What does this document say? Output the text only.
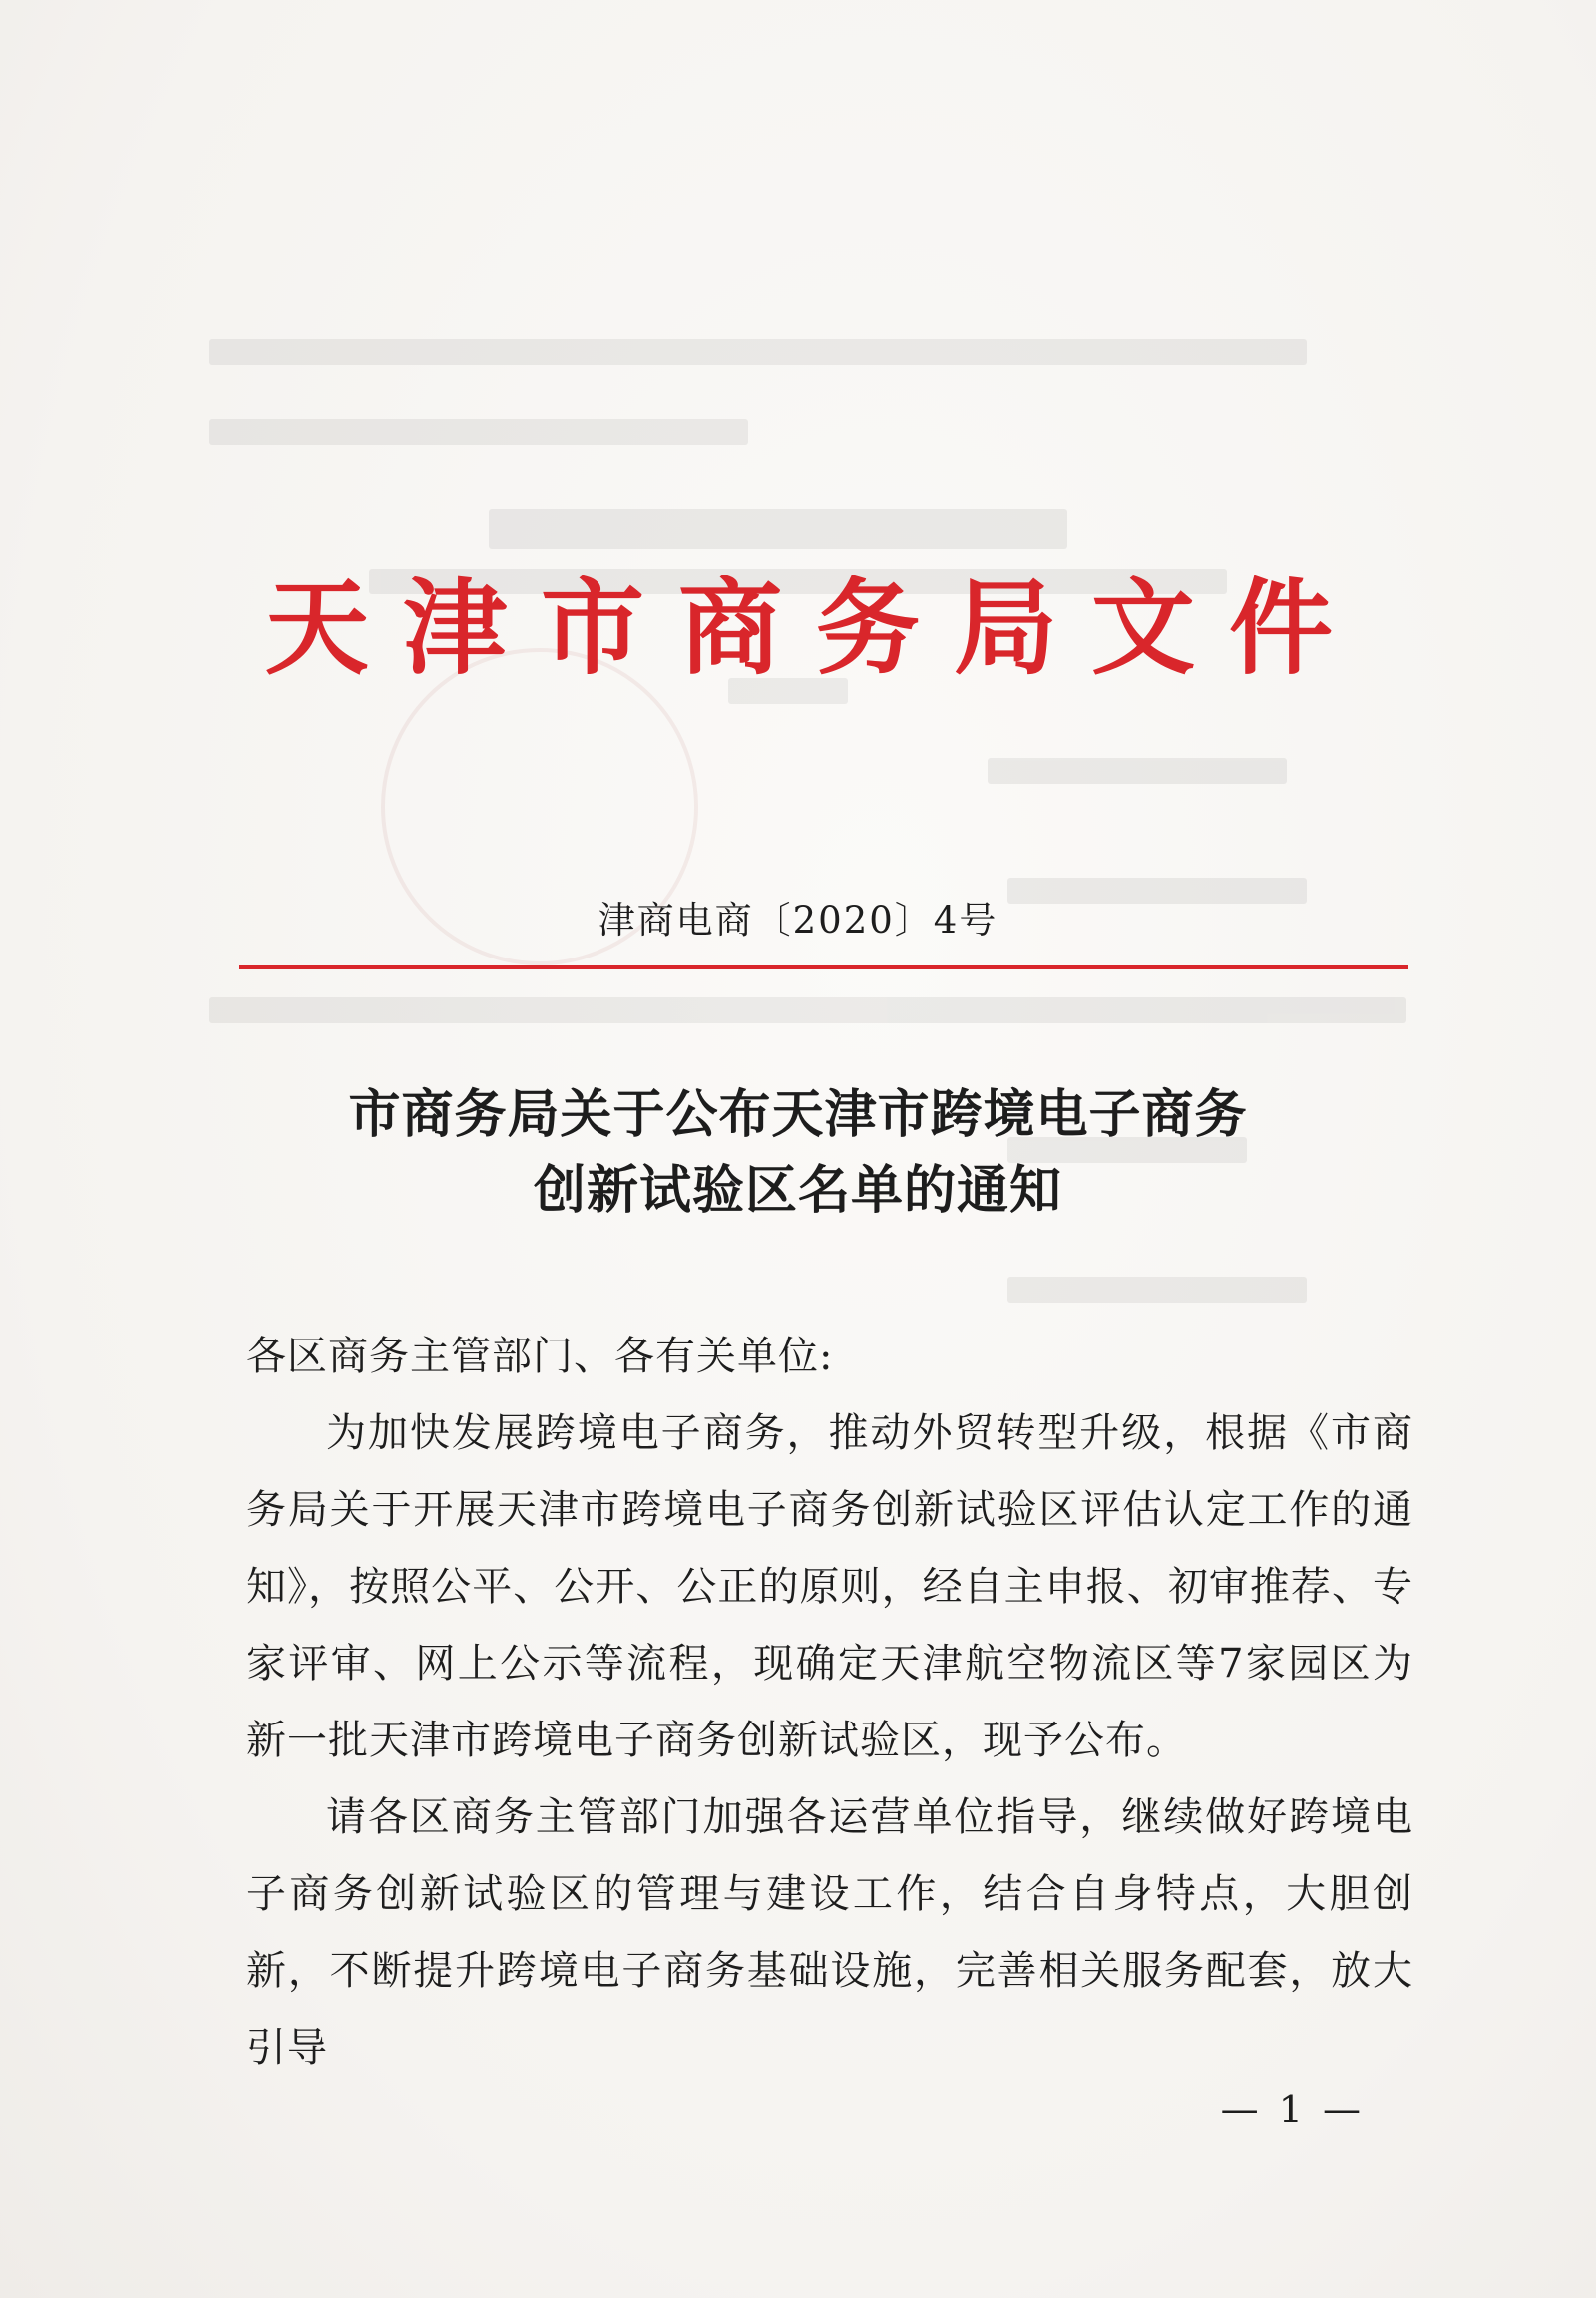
天津市商务局文件
津商电商〔2020〕4号
市商务局关于公布天津市跨境电子商务
创新试验区名单的通知

各区商务主管部门、各有关单位:

为加快发展跨境电子商务，推动外贸转型升级，根据《市商务局关于开展天津市跨境电子商务创新试验区评估认定工作的通知》，按照公平、公开、公正的原则，经自主申报、初审推荐、专家评审、网上公示等流程，现确定天津航空物流区等7家园区为新一批天津市跨境电子商务创新试验区，现予公布。

请各区商务主管部门加强各运营单位指导，继续做好跨境电子商务创新试验区的管理与建设工作，结合自身特点，大胆创新，不断提升跨境电子商务基础设施，完善相关服务配套，放大引导

— 1 —
